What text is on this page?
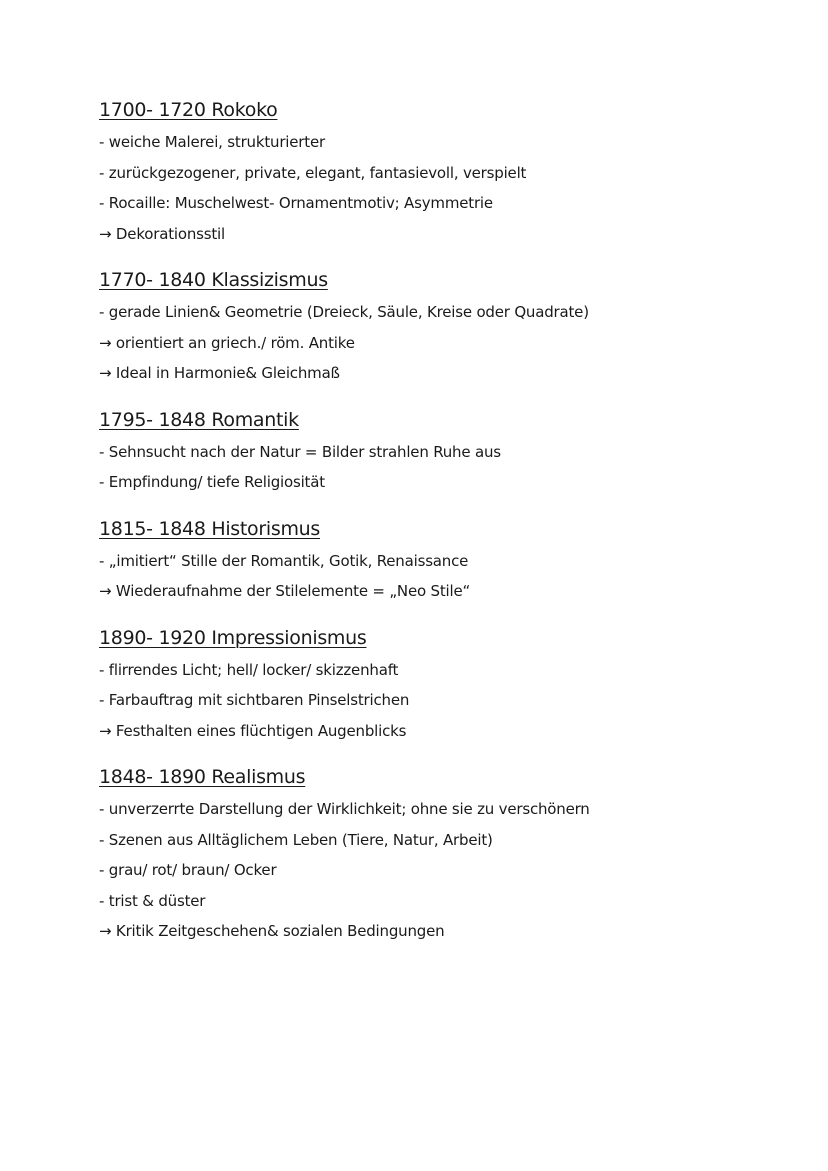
1700- 1720 Rokoko

- weiche Malerei, strukturierter

- zurückgezogener, private, elegant, fantasievoll, verspielt

- Rocaille: Muschelwest- Ornamentmotiv; Asymmetrie

→ Dekorationsstil

1770- 1840 Klassizismus

- gerade Linien& Geometrie (Dreieck, Säule, Kreise oder Quadrate)

→ orientiert an griech./ röm. Antike

→ Ideal in Harmonie& Gleichmaß

1795- 1848 Romantik

- Sehnsucht nach der Natur = Bilder strahlen Ruhe aus

- Empfindung/ tiefe Religiosität

1815- 1848 Historismus

- „imitiert“ Stille der Romantik, Gotik, Renaissance

→ Wiederaufnahme der Stilelemente = „Neo Stile“

1890- 1920 Impressionismus

- flirrendes Licht; hell/ locker/ skizzenhaft

- Farbauftrag mit sichtbaren Pinselstrichen

→ Festhalten eines flüchtigen Augenblicks

1848- 1890 Realismus

- unverzerrte Darstellung der Wirklichkeit; ohne sie zu verschönern

- Szenen aus Alltäglichem Leben (Tiere, Natur, Arbeit)

- grau/ rot/ braun/ Ocker

- trist & düster

→ Kritik Zeitgeschehen& sozialen Bedingungen
